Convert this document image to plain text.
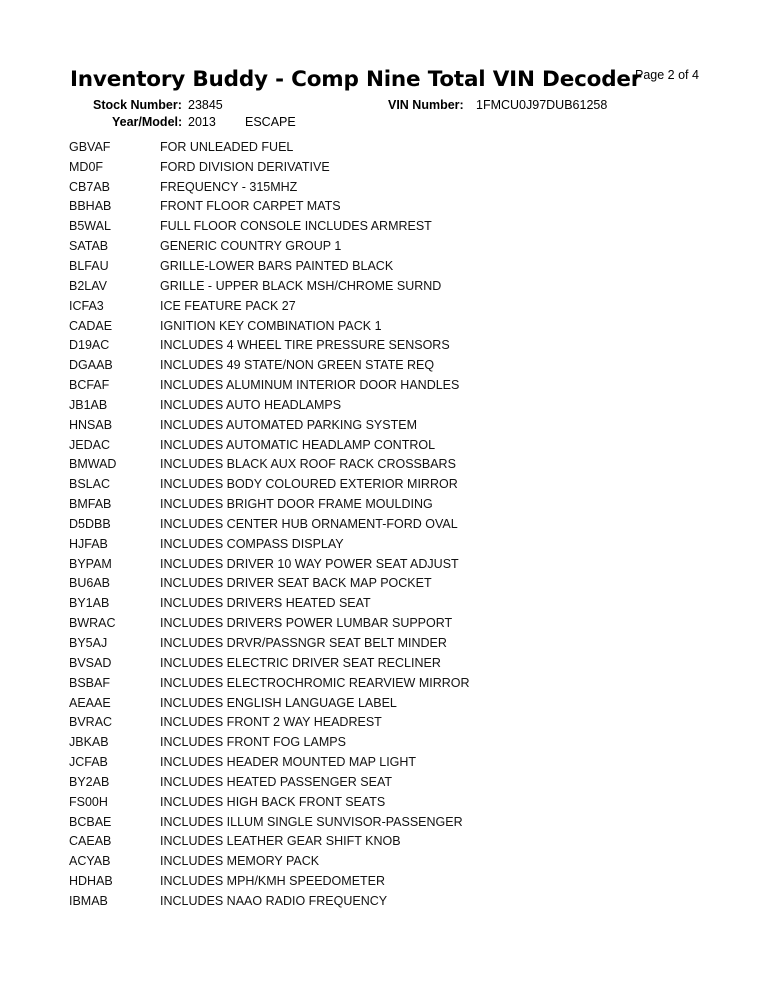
Inventory Buddy - Comp Nine Total VIN Decoder
Page 2 of 4
Stock Number: 23845	VIN Number: 1FMCU0J97DUB61258
Year/Model: 2013 ESCAPE
GBVAF	FOR UNLEADED FUEL
MD0F	FORD DIVISION DERIVATIVE
CB7AB	FREQUENCY - 315MHZ
BBHAB	FRONT FLOOR CARPET MATS
B5WAL	FULL FLOOR CONSOLE INCLUDES ARMREST
SATAB	GENERIC COUNTRY GROUP 1
BLFAU	GRILLE-LOWER BARS PAINTED BLACK
B2LAV	GRILLE - UPPER BLACK MSH/CHROME SURND
ICFA3	ICE FEATURE PACK 27
CADAE	IGNITION KEY COMBINATION PACK 1
D19AC	INCLUDES 4 WHEEL TIRE PRESSURE SENSORS
DGAAB	INCLUDES 49 STATE/NON GREEN STATE REQ
BCFAF	INCLUDES ALUMINUM INTERIOR DOOR HANDLES
JB1AB	INCLUDES AUTO HEADLAMPS
HNSAB	INCLUDES AUTOMATED PARKING SYSTEM
JEDAC	INCLUDES AUTOMATIC HEADLAMP CONTROL
BMWAD	INCLUDES BLACK AUX ROOF RACK CROSSBARS
BSLAC	INCLUDES BODY COLOURED EXTERIOR MIRROR
BMFAB	INCLUDES BRIGHT DOOR FRAME MOULDING
D5DBB	INCLUDES CENTER HUB ORNAMENT-FORD OVAL
HJFAB	INCLUDES COMPASS DISPLAY
BYPAM	INCLUDES DRIVER 10 WAY POWER SEAT ADJUST
BU6AB	INCLUDES DRIVER SEAT BACK MAP POCKET
BY1AB	INCLUDES DRIVERS HEATED SEAT
BWRAC	INCLUDES DRIVERS POWER LUMBAR SUPPORT
BY5AJ	INCLUDES DRVR/PASSNGR SEAT BELT MINDER
BVSAD	INCLUDES ELECTRIC DRIVER SEAT RECLINER
BSBAF	INCLUDES ELECTROCHROMIC REARVIEW MIRROR
AEAAE	INCLUDES ENGLISH LANGUAGE LABEL
BVRAC	INCLUDES FRONT 2 WAY HEADREST
JBKAB	INCLUDES FRONT FOG LAMPS
JCFAB	INCLUDES HEADER MOUNTED MAP LIGHT
BY2AB	INCLUDES HEATED PASSENGER SEAT
FS00H	INCLUDES HIGH BACK FRONT SEATS
BCBAE	INCLUDES ILLUM SINGLE SUNVISOR-PASSENGER
CAEAB	INCLUDES LEATHER GEAR SHIFT KNOB
ACYAB	INCLUDES MEMORY PACK
HDHAB	INCLUDES MPH/KMH SPEEDOMETER
IBMAB	INCLUDES NAAO RADIO FREQUENCY
